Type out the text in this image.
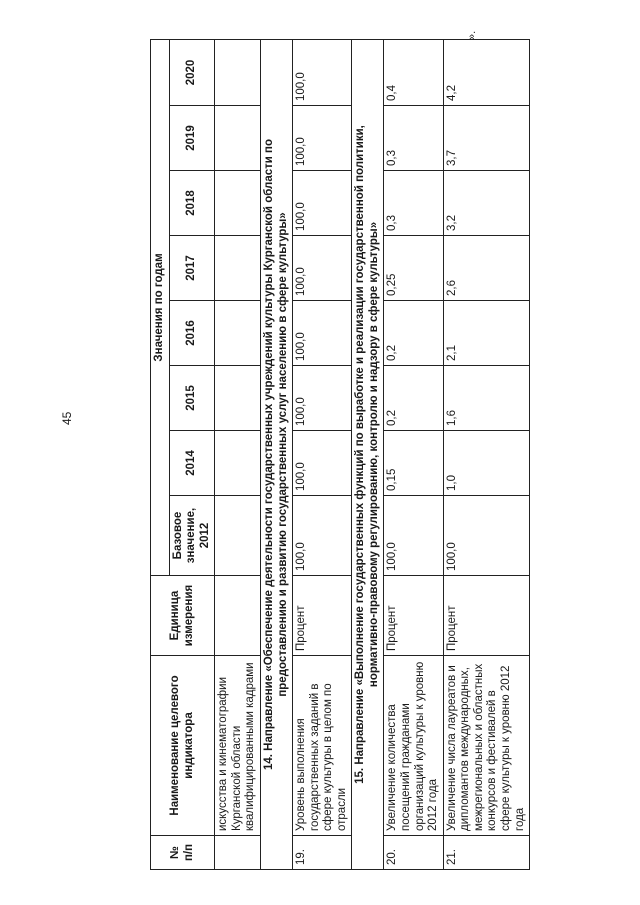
45
№ п/п	Наименование целевого индикатора	Единица измерения	Значения по годам							
			Базовое значение, 2012	2014	2015	2016	2017	2018	2019	2020
	искусства и кинематографии Курганской области квалифицированными кадрами									

14. Направление «Обеспечение деятельности государственных учреждений культуры Курганской области по предоставлению и развитию государственных услуг населению в сфере культуры»										

19.	Уровень выполнения государственных заданий в сфере культуры в целом по отрасли	Процент	100,0	100,0	100,0	100,0	100,0	100,0	100,0	100,0

15. Направление «Выполнение государственных функций по выработке и реализации государственной политики, нормативно-правовому регулированию, контролю и надзору в сфере культуры»										

20.	Увеличение количества посещений гражданами организаций культуры к уровню 2012 года	Процент	100,0	0,15	0,2	0,2	0,25	0,3	0,3	0,4
21.	Увеличение числа лауреатов и дипломантов международных, межрегиональных и областных конкурсов и фестивалей в сфере культуры к уровню 2012 года	Процент	100,0	1,0	1,6	2,1	2,6	3,2	3,7	4,2
».
